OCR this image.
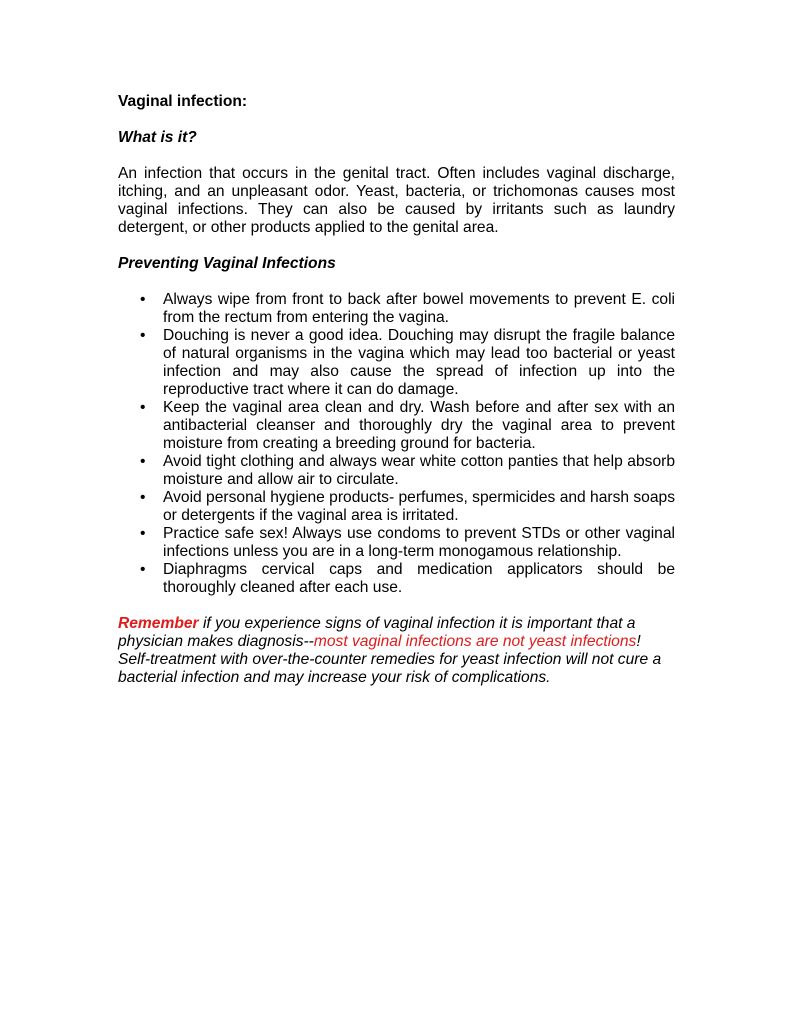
Vaginal infection:

What is it?

An infection that occurs in the genital tract. Often includes vaginal discharge, itching, and an unpleasant odor. Yeast, bacteria, or trichomonas causes most vaginal infections. They can also be caused by irritants such as laundry detergent, or other products applied to the genital area.

Preventing Vaginal Infections

• Always wipe from front to back after bowel movements to prevent E. coli from the rectum from entering the vagina.
• Douching is never a good idea. Douching may disrupt the fragile balance of natural organisms in the vagina which may lead too bacterial or yeast infection and may also cause the spread of infection up into the reproductive tract where it can do damage.
• Keep the vaginal area clean and dry. Wash before and after sex with an antibacterial cleanser and thoroughly dry the vaginal area to prevent moisture from creating a breeding ground for bacteria.
• Avoid tight clothing and always wear white cotton panties that help absorb moisture and allow air to circulate.
• Avoid personal hygiene products- perfumes, spermicides and harsh soaps or detergents if the vaginal area is irritated.
• Practice safe sex! Always use condoms to prevent STDs or other vaginal infections unless you are in a long-term monogamous relationship.
• Diaphragms cervical caps and medication applicators should be thoroughly cleaned after each use.

Remember if you experience signs of vaginal infection it is important that a physician makes diagnosis--most vaginal infections are not yeast infections! Self-treatment with over-the-counter remedies for yeast infection will not cure a bacterial infection and may increase your risk of complications.
